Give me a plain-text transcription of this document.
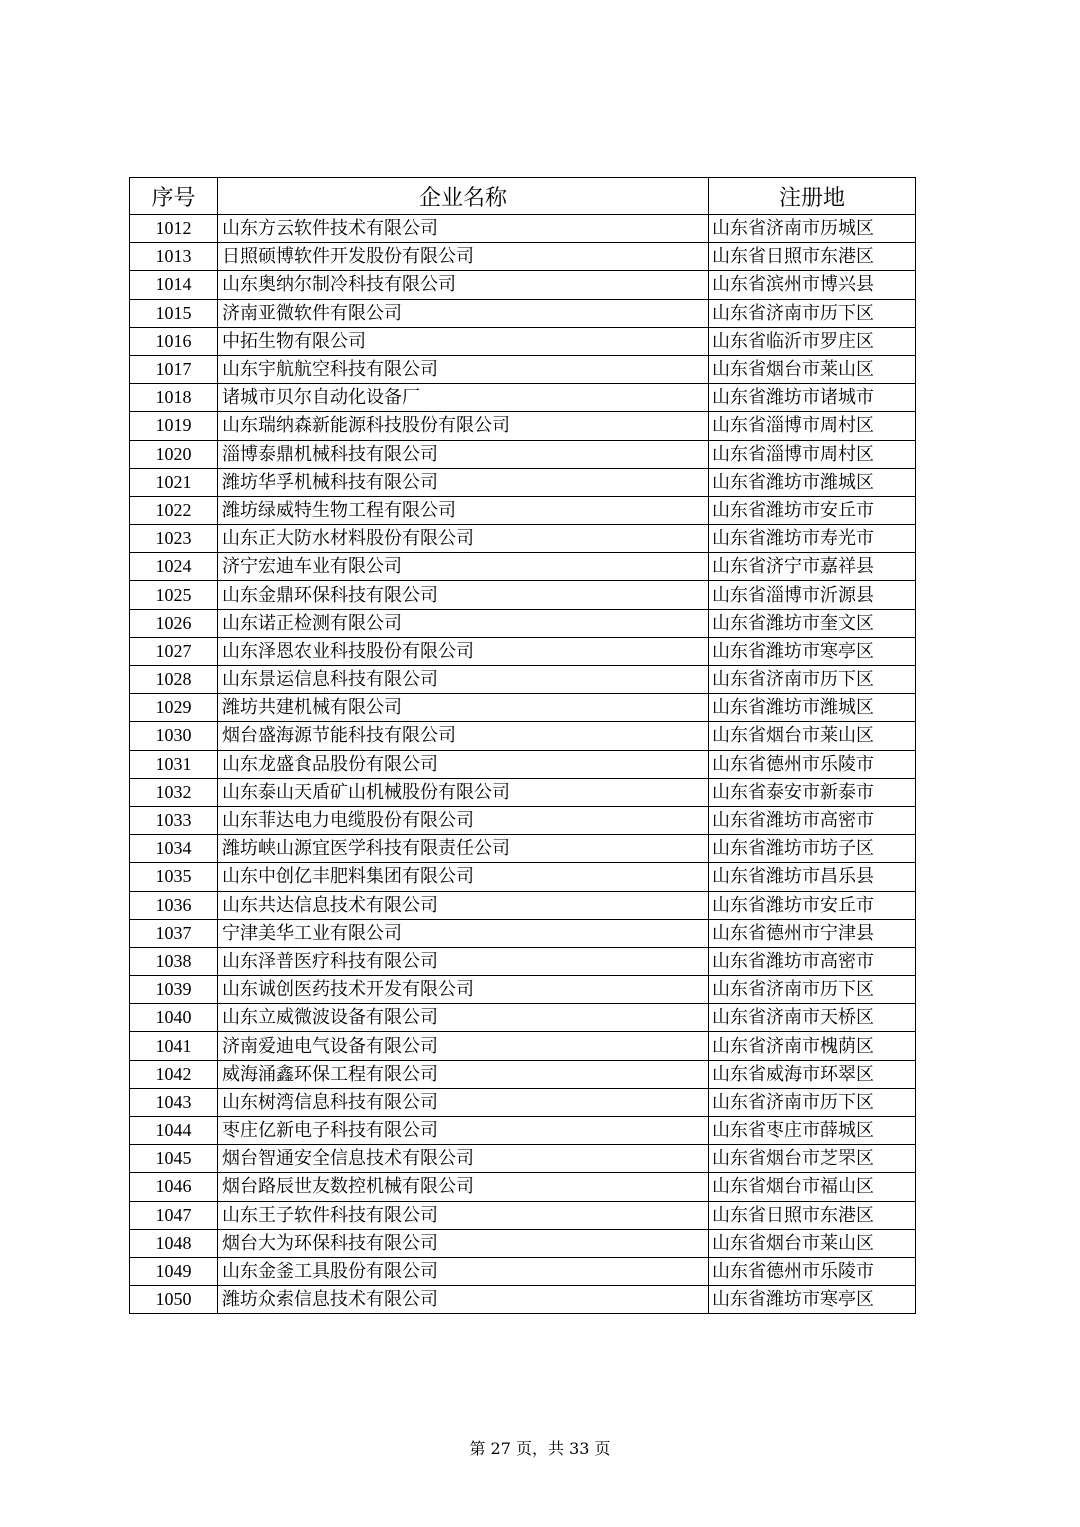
序号	企业名称	注册地
1012	山东方云软件技术有限公司	山东省济南市历城区
1013	日照硕博软件开发股份有限公司	山东省日照市东港区
1014	山东奥纳尔制冷科技有限公司	山东省滨州市博兴县
1015	济南亚微软件有限公司	山东省济南市历下区
1016	中拓生物有限公司	山东省临沂市罗庄区
1017	山东宇航航空科技有限公司	山东省烟台市莱山区
1018	诸城市贝尔自动化设备厂	山东省潍坊市诸城市
1019	山东瑞纳森新能源科技股份有限公司	山东省淄博市周村区
1020	淄博泰鼎机械科技有限公司	山东省淄博市周村区
1021	潍坊华孚机械科技有限公司	山东省潍坊市潍城区
1022	潍坊绿威特生物工程有限公司	山东省潍坊市安丘市
1023	山东正大防水材料股份有限公司	山东省潍坊市寿光市
1024	济宁宏迪车业有限公司	山东省济宁市嘉祥县
1025	山东金鼎环保科技有限公司	山东省淄博市沂源县
1026	山东诺正检测有限公司	山东省潍坊市奎文区
1027	山东泽恩农业科技股份有限公司	山东省潍坊市寒亭区
1028	山东景运信息科技有限公司	山东省济南市历下区
1029	潍坊共建机械有限公司	山东省潍坊市潍城区
1030	烟台盛海源节能科技有限公司	山东省烟台市莱山区
1031	山东龙盛食品股份有限公司	山东省德州市乐陵市
1032	山东泰山天盾矿山机械股份有限公司	山东省泰安市新泰市
1033	山东菲达电力电缆股份有限公司	山东省潍坊市高密市
1034	潍坊峡山源宜医学科技有限责任公司	山东省潍坊市坊子区
1035	山东中创亿丰肥料集团有限公司	山东省潍坊市昌乐县
1036	山东共达信息技术有限公司	山东省潍坊市安丘市
1037	宁津美华工业有限公司	山东省德州市宁津县
1038	山东泽普医疗科技有限公司	山东省潍坊市高密市
1039	山东诚创医药技术开发有限公司	山东省济南市历下区
1040	山东立威微波设备有限公司	山东省济南市天桥区
1041	济南爱迪电气设备有限公司	山东省济南市槐荫区
1042	威海涌鑫环保工程有限公司	山东省威海市环翠区
1043	山东树湾信息科技有限公司	山东省济南市历下区
1044	枣庄亿新电子科技有限公司	山东省枣庄市薛城区
1045	烟台智通安全信息技术有限公司	山东省烟台市芝罘区
1046	烟台路辰世友数控机械有限公司	山东省烟台市福山区
1047	山东王子软件科技有限公司	山东省日照市东港区
1048	烟台大为环保科技有限公司	山东省烟台市莱山区
1049	山东金釜工具股份有限公司	山东省德州市乐陵市
1050	潍坊众索信息技术有限公司	山东省潍坊市寒亭区
第 27 页，共 33 页
